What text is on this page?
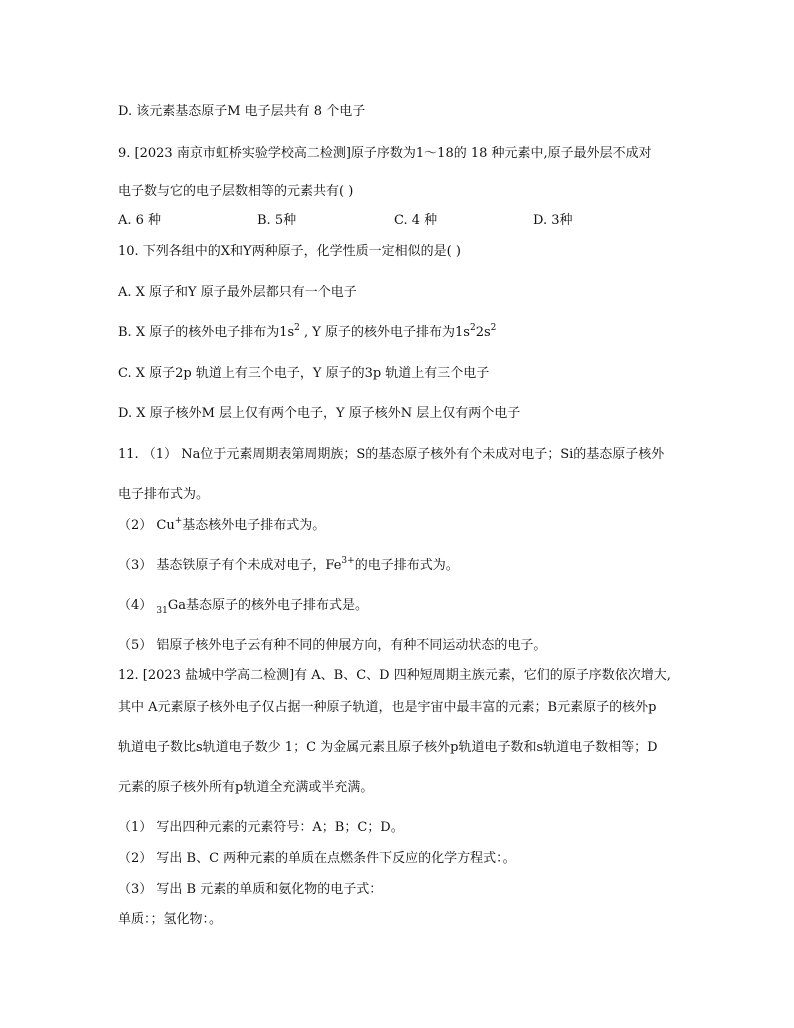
D. 该元素基态原子M 电子层共有 8 个电子
9. [2023 南京市虹桥实验学校高二检测]原子序数为1～18的 18 种元素中,原子最外层不成对
电子数与它的电子层数相等的元素共有( )
A. 6 种	B. 5种	C. 4 种	D. 3种
10. 下列各组中的X和Y两种原子，化学性质一定相似的是( )
A. X 原子和Y 原子最外层都只有一个电子
B. X 原子的核外电子排布为$1s^2$ , Y 原子的核外电子排布为$1s^22s^2$
C. X 原子2p 轨道上有三个电子，Y 原子的3p 轨道上有三个电子
D. X 原子核外M 层上仅有两个电子，Y 原子核外N 层上仅有两个电子
11. （1） Na位于元素周期表第周期族；S的基态原子核外有个未成对电子；Si的基态原子核外
电子排布式为。
（2） Cu+基态核外电子排布式为。
（3） 基态铁原子有个未成对电子，$Fe^{3+}$的电子排布式为。
（4） $_{31}$Ga基态原子的核外电子排布式是。
（5） 铝原子核外电子云有种不同的伸展方向，有种不同运动状态的电子。
12. [2023 盐城中学高二检测]有 A、B、C、D 四种短周期主族元素，它们的原子序数依次增大,
其中 A元素原子核外电子仅占据一种原子轨道，也是宇宙中最丰富的元素；B元素原子的核外p
轨道电子数比s轨道电子数少 1；C 为金属元素且原子核外p轨道电子数和s轨道电子数相等；D
元素的原子核外所有p轨道全充满或半充满。
（1） 写出四种元素的元素符号：A；B；C；D。
（2） 写出 B、C 两种元素的单质在点燃条件下反应的化学方程式：。
（3） 写出 B 元素的单质和氨化物的电子式：
单质：；氢化物：。
